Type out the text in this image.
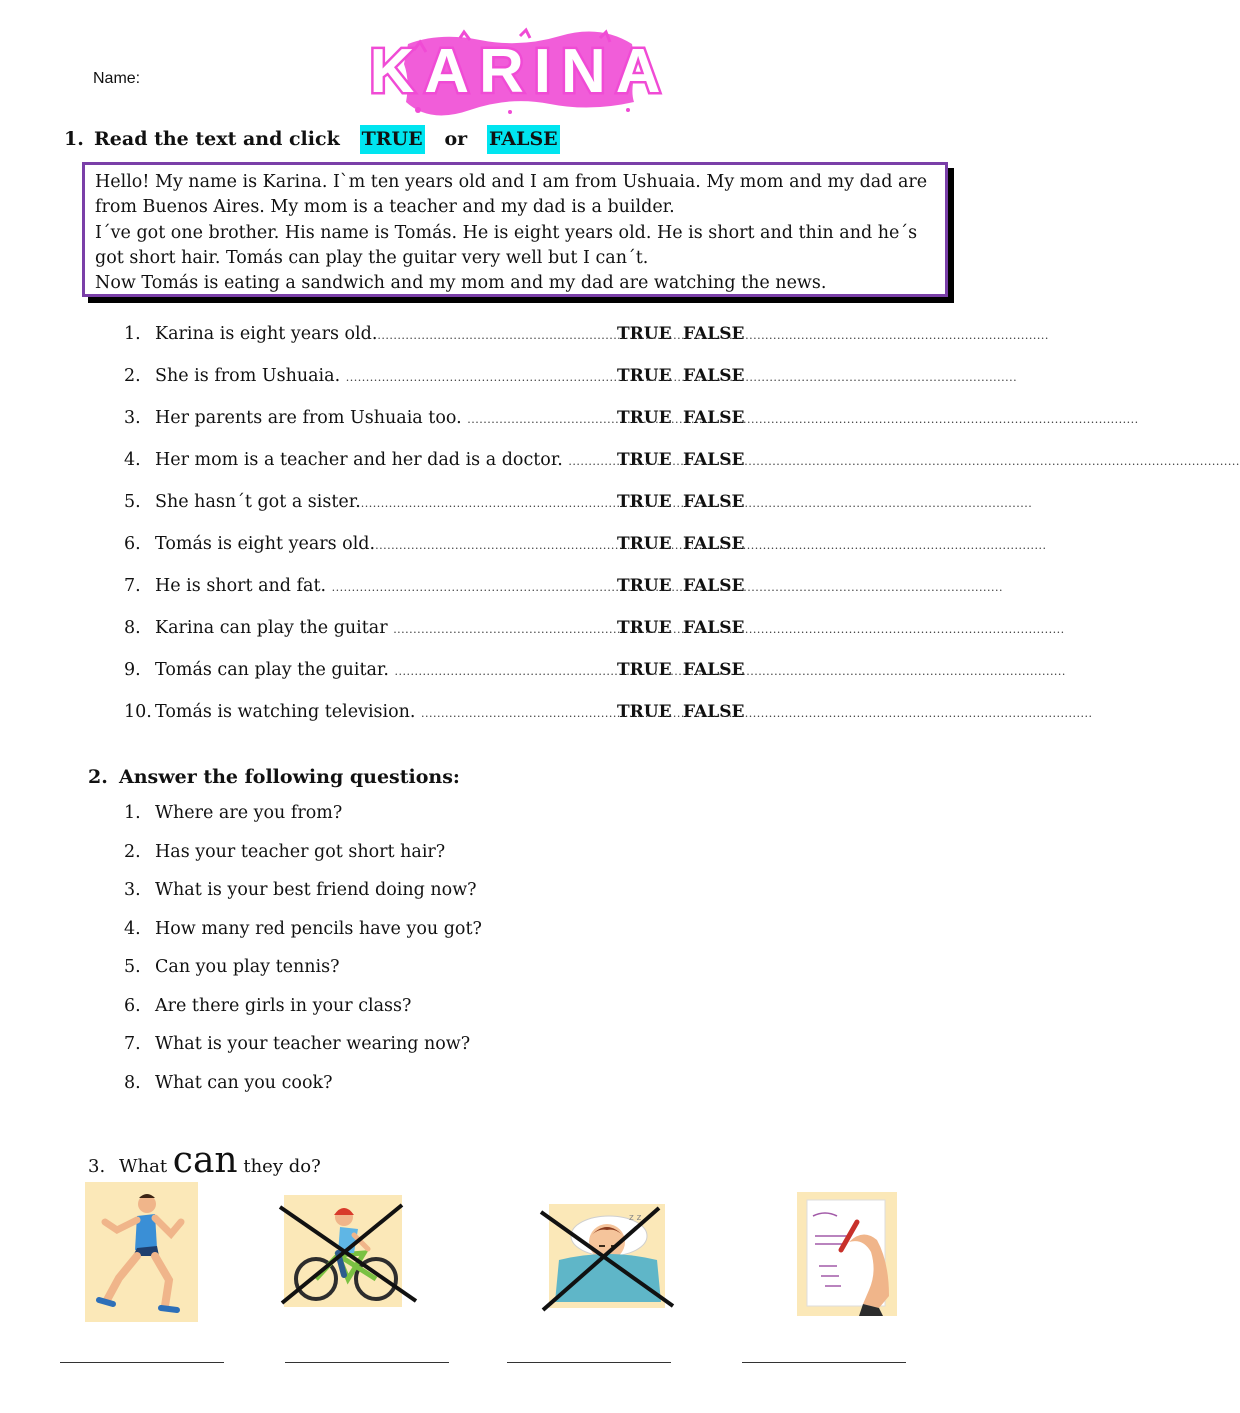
Name:	KARINA
1. Read the text and click TRUE or FALSE

Hello! My name is Karina. I`m ten years old and I am from Ushuaia. My mom and my dad are from Buenos Aires. My mom is a teacher and my dad is a builder.

I´ve got one brother. His name is Tomás. He is eight years old. He is short and thin and he´s got short hair. Tomás can play the guitar very well but I can´t.

Now Tomás is eating a sandwich and my mom and my dad are watching the news.

1. Karina is eight years old. .....	TRUE FALSE
2. She is from Ushuaia. .....	TRUE FALSE
3. Her parents are from Ushuaia too. .....	TRUE FALSE
4. Her mom is a teacher and her dad is a doctor. .....	TRUE FALSE
5. She hasn´t got a sister. .....	TRUE FALSE
6. Tomás is eight years old. .....	TRUE FALSE
7. He is short and fat. .....	TRUE FALSE
8. Karina can play the guitar .....	TRUE FALSE
9. Tomás can play the guitar. .....	TRUE FALSE
10. Tomás is watching television. .....	TRUE FALSE
2. Answer the following questions:
1. Where are you from?
2. Has your teacher got short hair?
3. What is your best friend doing now?
4. How many red pencils have you got?
5. Can you play tennis?
6. Are there girls in your class?
7. What is your teacher wearing now?
8. What can you cook?
3. What can they do?
z z
